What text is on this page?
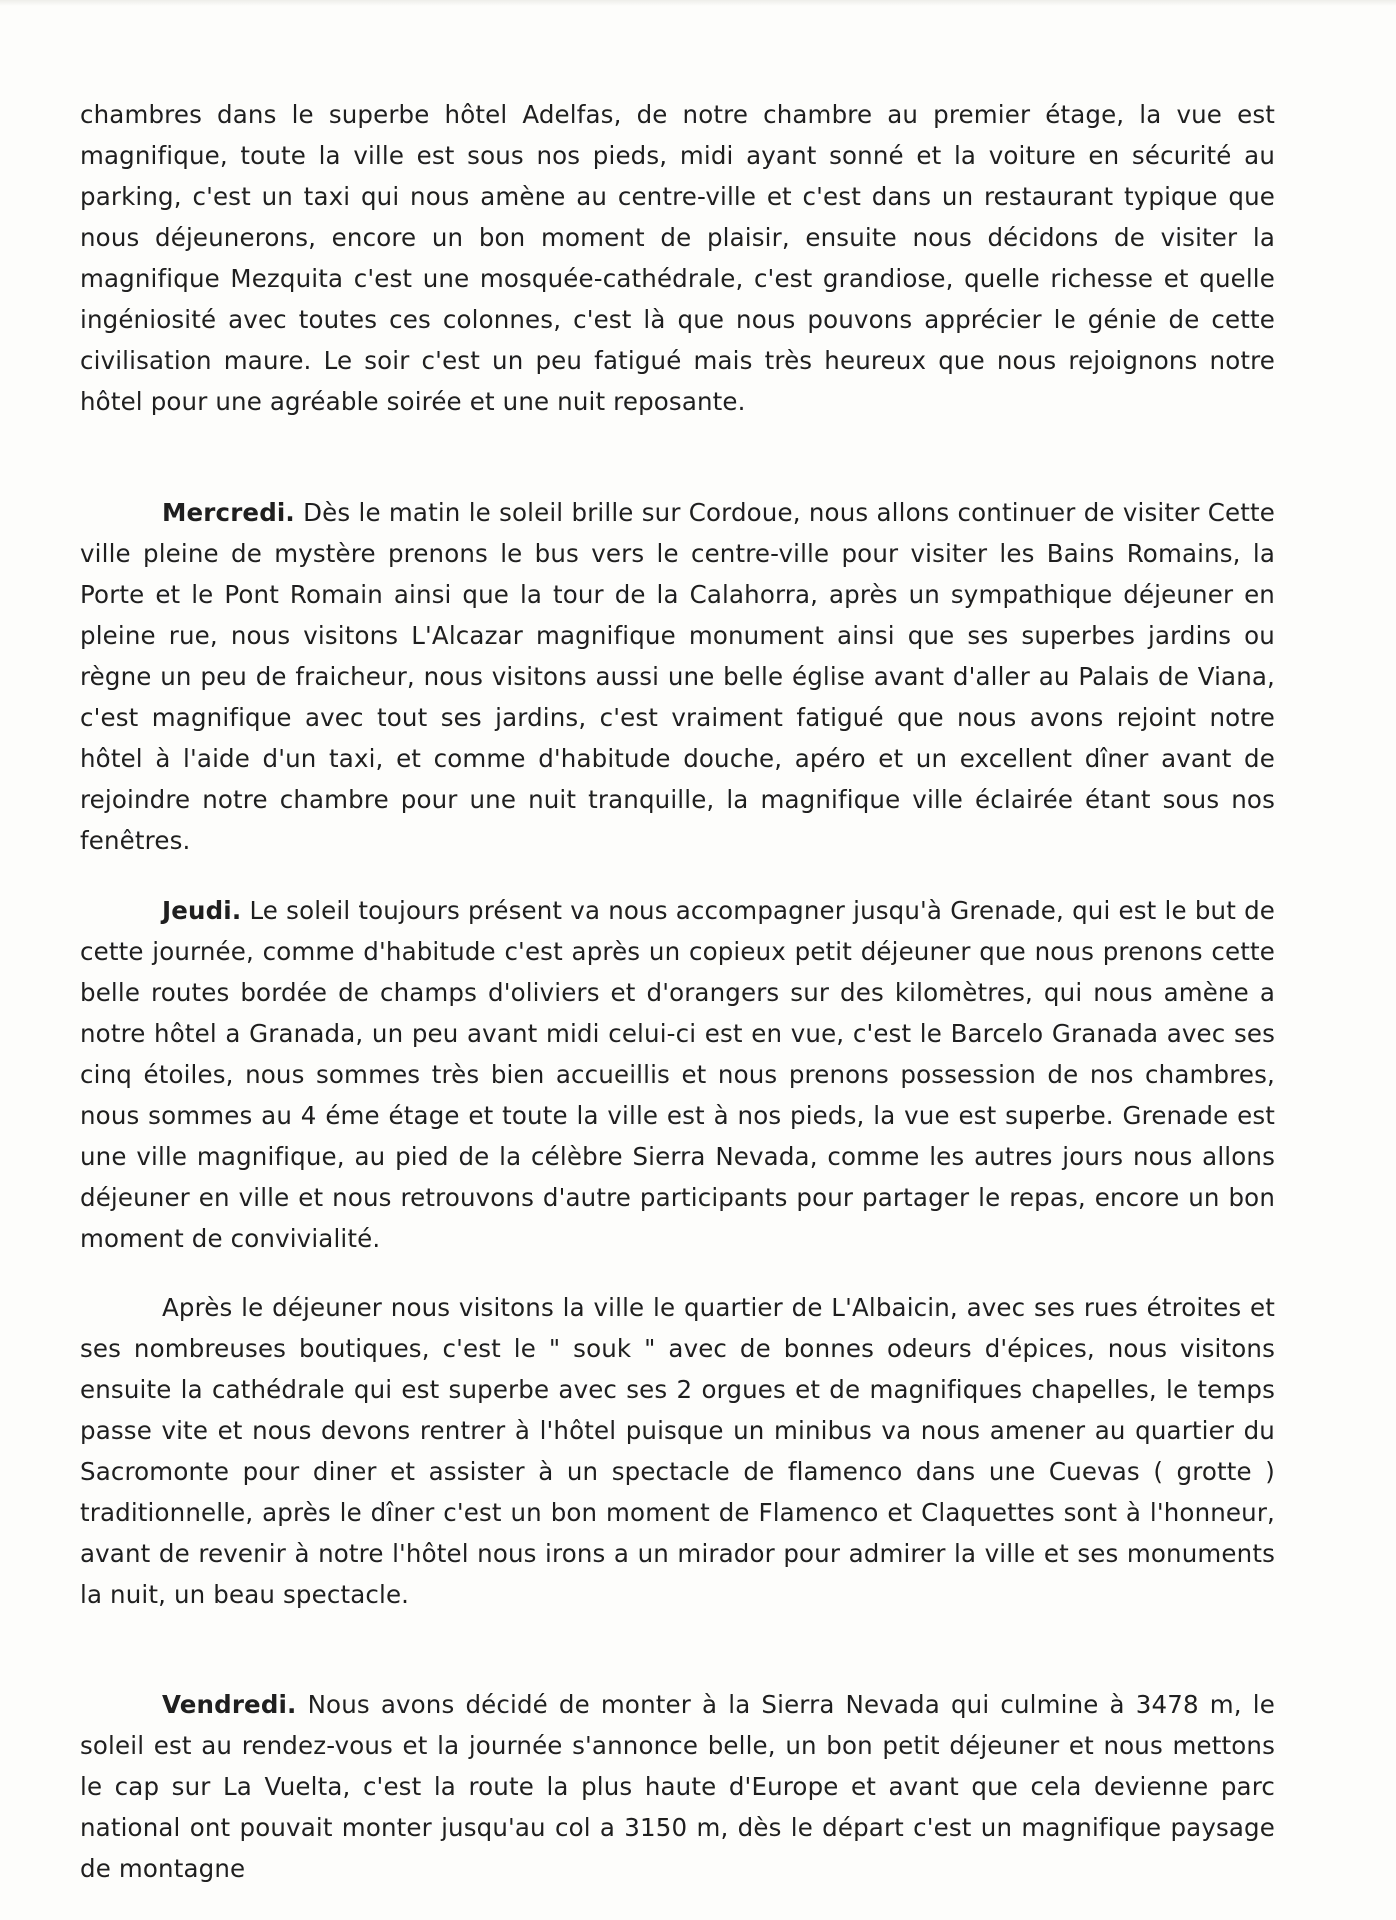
chambres dans le superbe hôtel Adelfas, de notre chambre au premier étage, la vue est magnifique, toute la ville est sous nos pieds, midi ayant sonné et la voiture en sécurité au parking, c'est un taxi qui nous amène au centre-ville et c'est dans un restaurant typique que nous déjeunerons, encore un bon moment de plaisir, ensuite nous décidons de visiter la magnifique Mezquita c'est une mosquée-cathédrale, c'est grandiose, quelle richesse et quelle ingéniosité avec toutes ces colonnes, c'est là que nous pouvons apprécier le génie de cette civilisation maure. Le soir c'est un peu fatigué mais très heureux que nous rejoignons notre hôtel pour une agréable soirée et une nuit reposante.

Mercredi. Dès le matin le soleil brille sur Cordoue, nous allons continuer de visiter Cette ville pleine de mystère prenons le bus vers le centre-ville pour visiter les Bains Romains, la Porte et le Pont Romain ainsi que la tour de la Calahorra, après un sympathique déjeuner en pleine rue, nous visitons L'Alcazar magnifique monument ainsi que ses superbes jardins ou règne un peu de fraicheur, nous visitons aussi une belle église avant d'aller au Palais de Viana, c'est magnifique avec tout ses jardins, c'est vraiment fatigué que nous avons rejoint notre hôtel à l'aide d'un taxi, et comme d'habitude douche, apéro et un excellent dîner avant de rejoindre notre chambre pour une nuit tranquille, la magnifique ville éclairée étant sous nos fenêtres.

Jeudi. Le soleil toujours présent va nous accompagner jusqu'à Grenade, qui est le but de cette journée, comme d'habitude c'est après un copieux petit déjeuner que nous prenons cette belle routes bordée de champs d'oliviers et d'orangers sur des kilomètres, qui nous amène a notre hôtel a Granada, un peu avant midi celui-ci est en vue, c'est le Barcelo Granada avec ses cinq étoiles, nous sommes très bien accueillis et nous prenons possession de nos chambres, nous sommes au 4 éme étage et toute la ville est à nos pieds, la vue est superbe. Grenade est une ville magnifique, au pied de la célèbre Sierra Nevada, comme les autres jours nous allons déjeuner en ville et nous retrouvons d'autre participants pour partager le repas, encore un bon moment de convivialité.

Après le déjeuner nous visitons la ville le quartier de L'Albaicin, avec ses rues étroites et ses nombreuses boutiques, c'est le " souk " avec de bonnes odeurs d'épices, nous visitons ensuite la cathédrale qui est superbe avec ses 2 orgues et de magnifiques chapelles, le temps passe vite et nous devons rentrer à l'hôtel puisque un minibus va nous amener au quartier du Sacromonte pour diner et assister à un spectacle de flamenco dans une Cuevas ( grotte ) traditionnelle, après le dîner c'est un bon moment de Flamenco et Claquettes sont à l'honneur, avant de revenir à notre l'hôtel nous irons a un mirador pour admirer la ville et ses monuments la nuit, un beau spectacle.

Vendredi. Nous avons décidé de monter à la Sierra Nevada qui culmine à 3478 m, le soleil est au rendez-vous et la journée s'annonce belle, un bon petit déjeuner et nous mettons le cap sur La Vuelta, c'est la route la plus haute d'Europe et avant que cela devienne parc national ont pouvait monter jusqu'au col a 3150 m, dès le départ c'est un magnifique paysage de montagne
